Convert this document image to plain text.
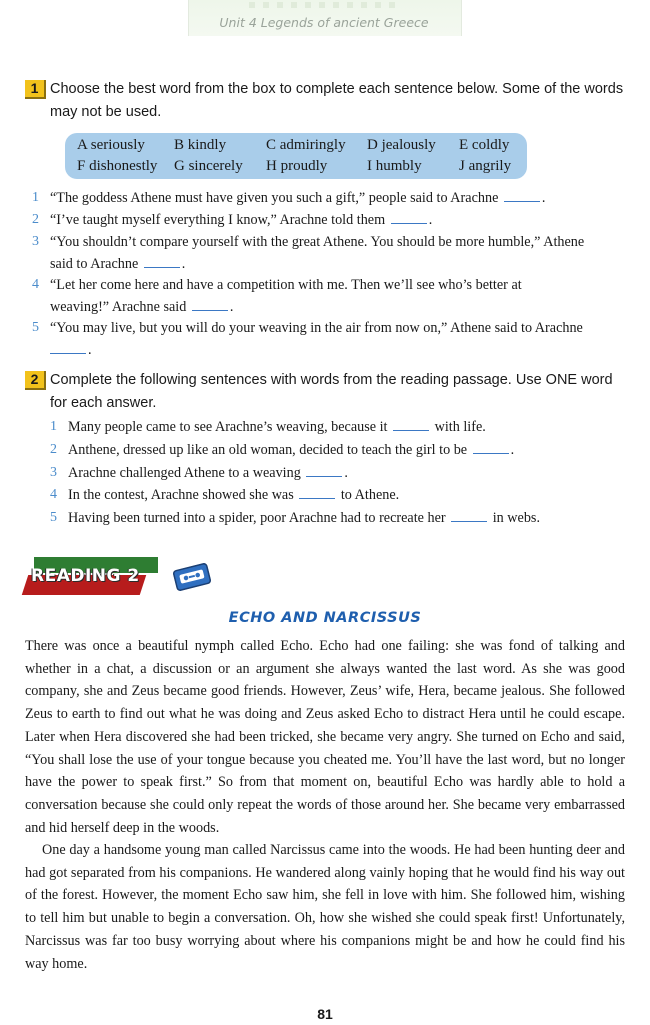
Unit 4 Legends of ancient Greece
1 Choose the best word from the box to complete each sentence below. Some of the words may not be used.
A seriously B kindly	C admiringly D jealously E coldly
F dishonestly G sincerely H proudly	I humbly J angrily
1 “The goddess Athene must have given you such a gift,” people said to Arachne	.
2 “I’ve taught myself everything I know,” Arachne told them	.
3 “You shouldn’t compare yourself with the great Athene. You should be more humble,” Athene
said to Arachne	.
4 “Let her come here and have a competition with me. Then we’ll see who’s better at
weaving!” Arachne said	.
5 “You may live, but you will do your weaving in the air from now on,” Athene said to Arachne
.
2 Complete the following sentences with words from the reading passage. Use ONE word for each answer.
1 Many people came to see Arachne’s weaving, because it	with life.
2 Anthene, dressed up like an old woman, decided to teach the girl to be	.
3 Arachne challenged Athene to a weaving	.
4 In the contest, Arachne showed she was	to Athene.
5 Having been turned into a spider, poor Arachne had to recreate her	in webs.
READING 2
ECHO AND NARCISSUS
There was once a beautiful nymph called Echo. Echo had one failing: she was fond of talking and whether in a chat, a discussion or an argument she always wanted the last word. As she was good company, she and Zeus became good friends. However, Zeus’ wife, Hera, became jealous. She followed Zeus to earth to find out what he was doing and Zeus asked Echo to distract Hera until he could escape. Later when Hera discovered she had been tricked, she became very angry. She turned on Echo and said, “You shall lose the use of your tongue because you cheated me. You’ll have the last word, but no longer have the power to speak first.” So from that moment on, beautiful Echo was hardly able to hold a conversation because she could only repeat the words of those around her. She became very embarrassed and hid herself deep in the woods.
One day a handsome young man called Narcissus came into the woods. He had been hunting deer and had got separated from his companions. He wandered along vainly hoping that he would find his way out of the forest. However, the moment Echo saw him, she fell in love with him. She followed him, wishing to tell him but unable to begin a conversation. Oh, how she wished she could speak first! Unfortunately, Narcissus was far too busy worrying about where his companions might be and how he could find his way home.
81
